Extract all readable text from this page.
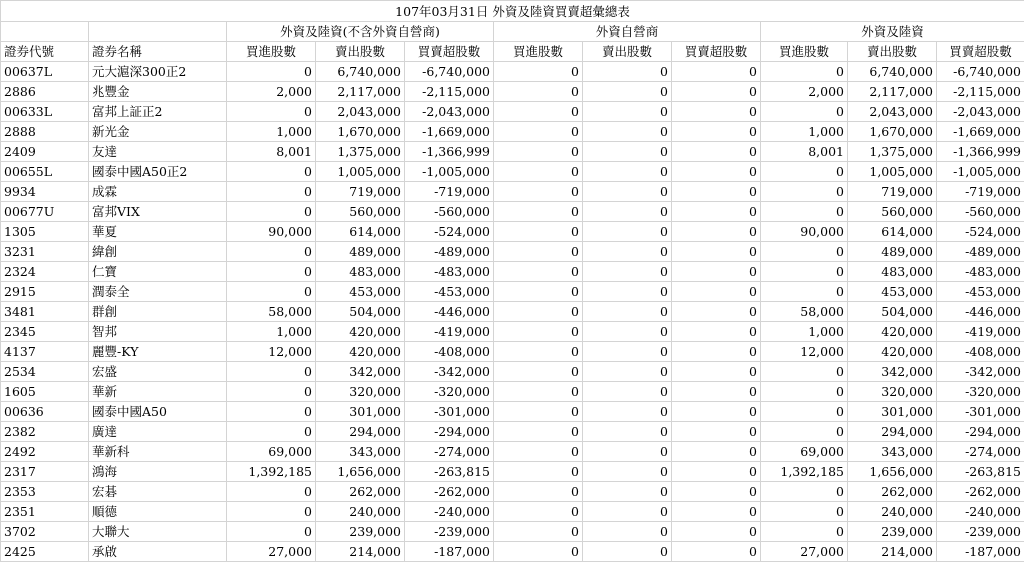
107年03月31日 外資及陸資買賣超彙總表										
		外資及陸資(不含外資自營商)			外資自營商			外資及陸資		
證券代號	證券名稱	買進股數	賣出股數	買賣超股數	買進股數	賣出股數	買賣超股數	買進股數	賣出股數	買賣超股數
00637L	元大滬深300正2	0	6,740,000	-6,740,000	0	0	0	0	6,740,000	-6,740,000
2886	兆豐金	2,000	2,117,000	-2,115,000	0	0	0	2,000	2,117,000	-2,115,000
00633L	富邦上証正2	0	2,043,000	-2,043,000	0	0	0	0	2,043,000	-2,043,000
2888	新光金	1,000	1,670,000	-1,669,000	0	0	0	1,000	1,670,000	-1,669,000
2409	友達	8,001	1,375,000	-1,366,999	0	0	0	8,001	1,375,000	-1,366,999
00655L	國泰中國A50正2	0	1,005,000	-1,005,000	0	0	0	0	1,005,000	-1,005,000
9934	成霖	0	719,000	-719,000	0	0	0	0	719,000	-719,000
00677U	富邦VIX	0	560,000	-560,000	0	0	0	0	560,000	-560,000
1305	華夏	90,000	614,000	-524,000	0	0	0	90,000	614,000	-524,000
3231	緯創	0	489,000	-489,000	0	0	0	0	489,000	-489,000
2324	仁寶	0	483,000	-483,000	0	0	0	0	483,000	-483,000
2915	潤泰全	0	453,000	-453,000	0	0	0	0	453,000	-453,000
3481	群創	58,000	504,000	-446,000	0	0	0	58,000	504,000	-446,000
2345	智邦	1,000	420,000	-419,000	0	0	0	1,000	420,000	-419,000
4137	麗豐-KY	12,000	420,000	-408,000	0	0	0	12,000	420,000	-408,000
2534	宏盛	0	342,000	-342,000	0	0	0	0	342,000	-342,000
1605	華新	0	320,000	-320,000	0	0	0	0	320,000	-320,000
00636	國泰中國A50	0	301,000	-301,000	0	0	0	0	301,000	-301,000
2382	廣達	0	294,000	-294,000	0	0	0	0	294,000	-294,000
2492	華新科	69,000	343,000	-274,000	0	0	0	69,000	343,000	-274,000
2317	鴻海	1,392,185	1,656,000	-263,815	0	0	0	1,392,185	1,656,000	-263,815
2353	宏碁	0	262,000	-262,000	0	0	0	0	262,000	-262,000
2351	順德	0	240,000	-240,000	0	0	0	0	240,000	-240,000
3702	大聯大	0	239,000	-239,000	0	0	0	0	239,000	-239,000
2425	承啟	27,000	214,000	-187,000	0	0	0	27,000	214,000	-187,000
